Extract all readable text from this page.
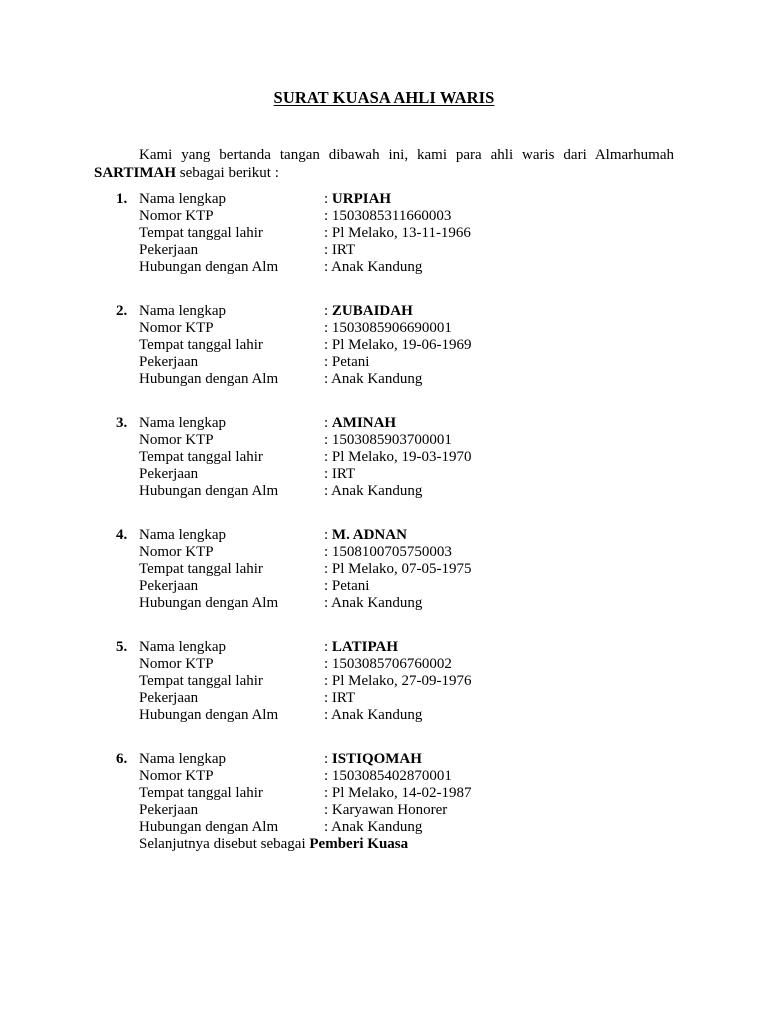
SURAT KUASA AHLI WARIS
Kami yang bertanda tangan dibawah ini, kami para ahli waris dari Almarhumah
SARTIMAH sebagai berikut :
1. Nama lengkap	: URPIAH
Nomor KTP	: 1503085311660003
Tempat tanggal lahir	: Pl Melako, 13-11-1966
Pekerjaan	: IRT
Hubungan dengan Alm	: Anak Kandung
2. Nama lengkap	: ZUBAIDAH
Nomor KTP	: 1503085906690001
Tempat tanggal lahir	: Pl Melako, 19-06-1969
Pekerjaan	: Petani
Hubungan dengan Alm	: Anak Kandung
3. Nama lengkap	: AMINAH
Nomor KTP	: 1503085903700001
Tempat tanggal lahir	: Pl Melako, 19-03-1970
Pekerjaan	: IRT
Hubungan dengan Alm	: Anak Kandung
4. Nama lengkap	: M. ADNAN
Nomor KTP	: 1508100705750003
Tempat tanggal lahir	: Pl Melako, 07-05-1975
Pekerjaan	: Petani
Hubungan dengan Alm	: Anak Kandung
5. Nama lengkap	: LATIPAH
Nomor KTP	: 1503085706760002
Tempat tanggal lahir	: Pl Melako, 27-09-1976
Pekerjaan	: IRT
Hubungan dengan Alm	: Anak Kandung
6. Nama lengkap	: ISTIQOMAH
Nomor KTP	: 1503085402870001
Tempat tanggal lahir	: Pl Melako, 14-02-1987
Pekerjaan	: Karyawan Honorer
Hubungan dengan Alm	: Anak Kandung
Selanjutnya disebut sebagai Pemberi Kuasa
